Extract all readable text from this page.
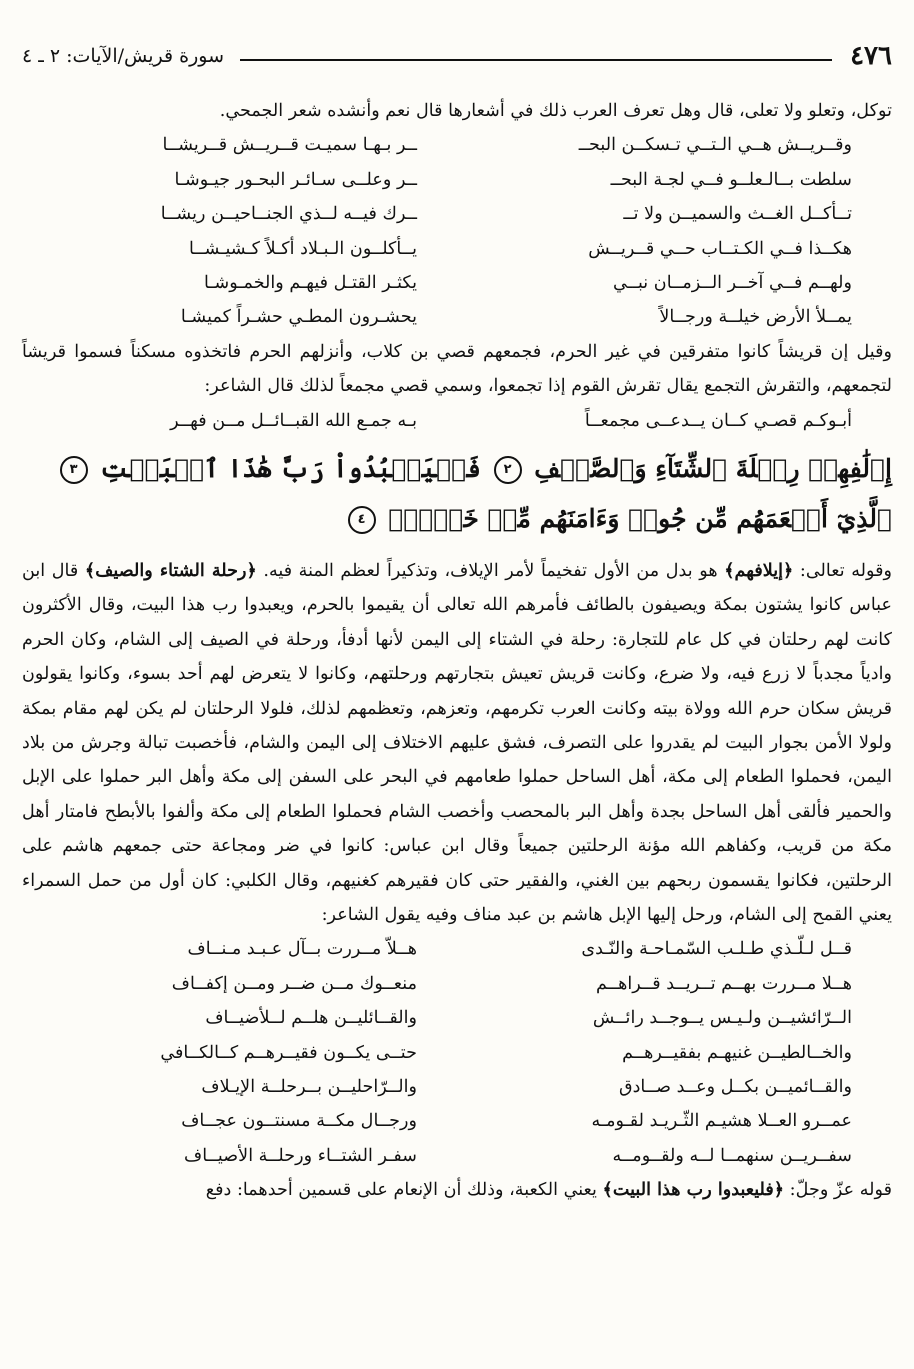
٤٧٦
سورة قريش/الآيات: ٢ ـ ٤

توكل، وتعلو ولا تعلى، قال وهل تعرف العرب ذلك في أشعارها قال نعم وأنشده شعر الجمحي.

وقــريــش هــي الـتــي تـسكــن البحــ
ــر بـهـا سميـت قــريــش قــريشــا
سلطت بــالـعلــو فــي لجـة البحــ
ــر وعلــى سـائـر البحـور جيـوشـا
تــأكــل الغــث والسميــن ولا تــ
ــرك فيــه لــذي الجنــاحيــن ريشــا
هكــذا فــي الكـتــاب حــي قــريــش
يــأكلــون الـبـلاد أكـلاً كـشيـشــا
ولهــم فــي آخــر الــزمــان نبــي
يكثـر القتـل فيهـم والخمـوشـا
يمــلأ الأرض خيلــة ورجــالاً
يحشـرون المطـي حشـراً كميشـا

وقيل إن قريشاً كانوا متفرقين في غير الحرم، فجمعهم قصي بن كلاب، وأنزلهم الحرم فاتخذوه مسكناً فسموا قريشاً لتجمعهم، والتقرش التجمع يقال تقرش القوم إذا تجمعوا، وسمي قصي مجمعاً لذلك قال الشاعر:

أبـوكـم قصـي كــان يــدعــى مجمعــاً
بـه جمـع الله القبــائــل مــن فهــر
إِۦلَٰفِهِمۡ رِحۡلَةَ ٱلشِّتَآءِ وَٱلصَّيۡفِ ٢ فَلۡيَعۡبُدُواْ رَبَّ هَٰذَا ٱلۡبَيۡتِ ٣ ٱلَّذِيٓ أَطۡعَمَهُم مِّن جُوعٖ وَءَامَنَهُم مِّنۡ خَوۡفِۭ ٤

وقوله تعالى: ﴿إيلافهم﴾ هو بدل من الأول تفخيماً لأمر الإيلاف، وتذكيراً لعظم المنة فيه. ﴿رحلة الشتاء والصيف﴾ قال ابن عباس كانوا يشتون بمكة ويصيفون بالطائف فأمرهم الله تعالى أن يقيموا بالحرم، ويعبدوا رب هذا البيت، وقال الأكثرون كانت لهم رحلتان في كل عام للتجارة: رحلة في الشتاء إلى اليمن لأنها أدفأ، ورحلة في الصيف إلى الشام، وكان الحرم وادياً مجدباً لا زرع فيه، ولا ضرع، وكانت قريش تعيش بتجارتهم ورحلتهم، وكانوا لا يتعرض لهم أحد بسوء، وكانوا يقولون قريش سكان حرم الله وولاة بيته وكانت العرب تكرمهم، وتعزهم، وتعظمهم لذلك، فلولا الرحلتان لم يكن لهم مقام بمكة ولولا الأمن بجوار البيت لم يقدروا على التصرف، فشق عليهم الاختلاف إلى اليمن والشام، فأخصبت تبالة وجرش من بلاد اليمن، فحملوا الطعام إلى مكة، أهل الساحل حملوا طعامهم في البحر على السفن إلى مكة وأهل البر حملوا على الإبل والحمير فألقى أهل الساحل بجدة وأهل البر بالمحصب وأخصب الشام فحملوا الطعام إلى مكة وألفوا بالأبطح فامتار أهل مكة من قريب، وكفاهم الله مؤنة الرحلتين جميعاً وقال ابن عباس: كانوا في ضر ومجاعة حتى جمعهم هاشم على الرحلتين، فكانوا يقسمون ربحهم بين الغني، والفقير حتى كان فقيرهم كغنيهم، وقال الكلبي: كان أول من حمل السمراء يعني القمح إلى الشام، ورحل إليها الإبل هاشم بن عبد مناف وفيه يقول الشاعر:

قــل لـلّـذي طـلـب السّمـاحـة والنّـدى
هــلاّ مــررت بــآل عـبـد مـنــاف
هــلا مــررت بهــم تــريــد قــراهــم
منعــوك مــن ضــر ومــن إكفــاف
الــرّائشيــن ولـيـس يــوجــد رائــش
والقــائليــن هلــم لــلأضيــاف
والخــالطيــن غنيهـم بفقيــرهــم
حتــى يكــون فقيــرهــم كــالكــافي
والقــائميــن بكــل وعــد صــادق
والــرّاحليــن بــرحلــة الإيـلاف
عمــرو العــلا هشيـم الثّـريـد لقـومـه
ورجــال مكــة مسنتــون عجــاف
سفــريــن سنهمــا لــه ولقــومــه
سفـر الشتــاء ورحلــة الأصيــاف

قوله عزّ وجلّ: ﴿فليعبدوا رب هذا البيت﴾ يعني الكعبة، وذلك أن الإنعام على قسمين أحدهما: دفع
